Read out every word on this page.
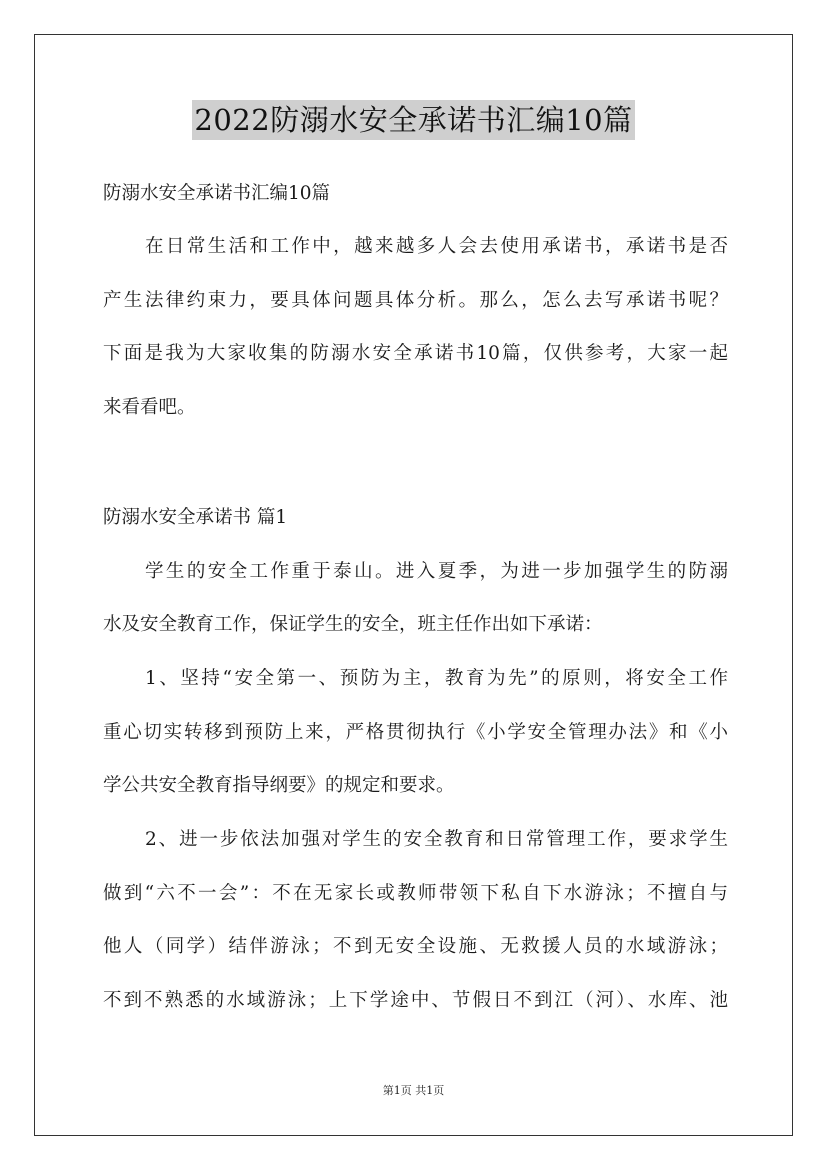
2022防溺水安全承诺书汇编10篇
防溺水安全承诺书汇编10篇
在日常生活和工作中，越来越多人会去使用承诺书，承诺书是否
产生法律约束力，要具体问题具体分析。那么，怎么去写承诺书呢？
下面是我为大家收集的防溺水安全承诺书10篇，仅供参考，大家一起
来看看吧。
防溺水安全承诺书 篇1
学生的安全工作重于泰山。进入夏季，为进一步加强学生的防溺
水及安全教育工作，保证学生的安全，班主任作出如下承诺：
1、坚持“安全第一、预防为主，教育为先”的原则，将安全工作
重心切实转移到预防上来，严格贯彻执行《小学安全管理办法》和《小
学公共安全教育指导纲要》的规定和要求。
2、进一步依法加强对学生的安全教育和日常管理工作，要求学生
做到“六不一会”：不在无家长或教师带领下私自下水游泳；不擅自与
他人（同学）结伴游泳；不到无安全设施、无救援人员的水域游泳；
不到不熟悉的水域游泳；上下学途中、节假日不到江（河）、水库、池
第1页 共1页
